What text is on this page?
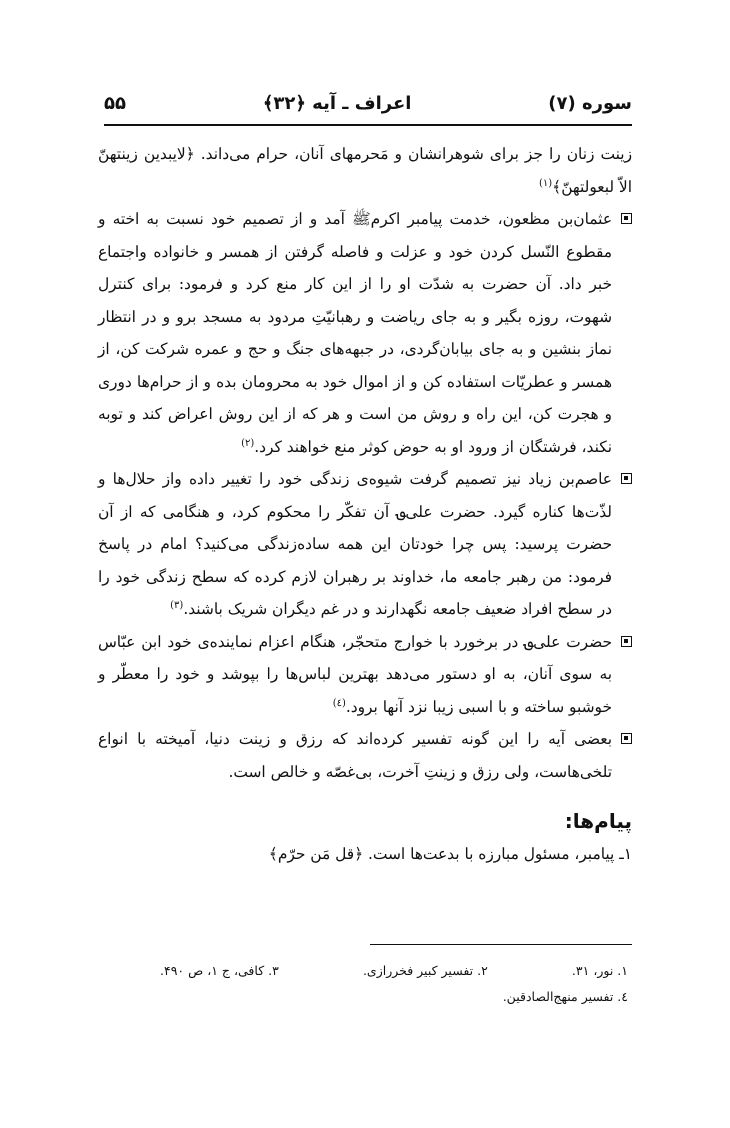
سوره (۷)
اعراف ـ آیه ﴿۳۲﴾
۵۵

زینت زنان را جز برای شوهرانشان و مَحرمهای آنان، حرام می‌داند. ﴿لایبدین زینتهنّ الاّ لبعولتهنّ﴾$^{(۱)}$

عثمان‌بن مظعون، خدمت پیامبر اکرمﷺ آمد و از تصمیم خود نسبت به اخته و مقطوع النّسل کردن خود و عزلت و فاصله گرفتن از همسر و خانواده واجتماع خبر داد. آن حضرت به شدّت او را از این کار منع کرد و فرمود: برای کنترل شهوت، روزه بگیر و به جای ریاضت و رهبانیّتِ مردود به مسجد برو و در انتظار نماز بنشین و به جای بیابان‌گردی، در جبهه‌های جنگ و حج و عمره شرکت کن، از همسر و عطریّات استفاده کن و از اموال خود به محرومان بده و از حرام‌ها دوری و هجرت کن، این راه و روش من است و هر که از این روش اعراض کند و توبه نکند، فرشتگان از ورود او به حوض کوثر منع خواهند کرد.$^{(۲)}$

عاصم‌بن زیاد نیز تصمیم گرفت شیوه‌ی زندگی خود را تغییر داده واز حلال‌ها و لذّت‌ها کناره گیرد. حضرت علی؈ آن تفکّر را محکوم کرد، و هنگامی که از آن حضرت پرسید: پس چرا خودتان این همه ساده‌زندگی می‌کنید؟ امام در پاسخ فرمود: من رهبر جامعه ما، خداوند بر رهبران لازم کرده که سطح زندگی خود را در سطح افراد ضعیف جامعه نگهدارند و در غم دیگران شریک باشند.$^{(۳)}$

حضرت علی؈ در برخورد با خوارج متحجّر، هنگام اعزام نماینده‌ی خود ابن عبّاس به سوی آنان، به او دستور می‌دهد بهترین لباس‌ها را بپوشد و خود را معطّر و خوشبو ساخته و با اسبی زیبا نزد آنها برود.$^{(٤)}$

بعضی آیه را این گونه تفسیر کرده‌اند که رزق و زینت دنیا، آمیخته با انواع تلخی‌هاست، ولی رزق و زینتِ آخرت، بی‌غصّه و خالص است.

پیام‌ها:

۱ـ پیامبر، مسئول مبارزه با بدعت‌ها است. ﴿قل مَن حرّم﴾

۱. نور، ۳۱.
۲. تفسیر کبیر فخررازی.
۳. کافی، ج ۱، ص ۴۹۰.
٤. تفسیر منهج‌الصادقین.
